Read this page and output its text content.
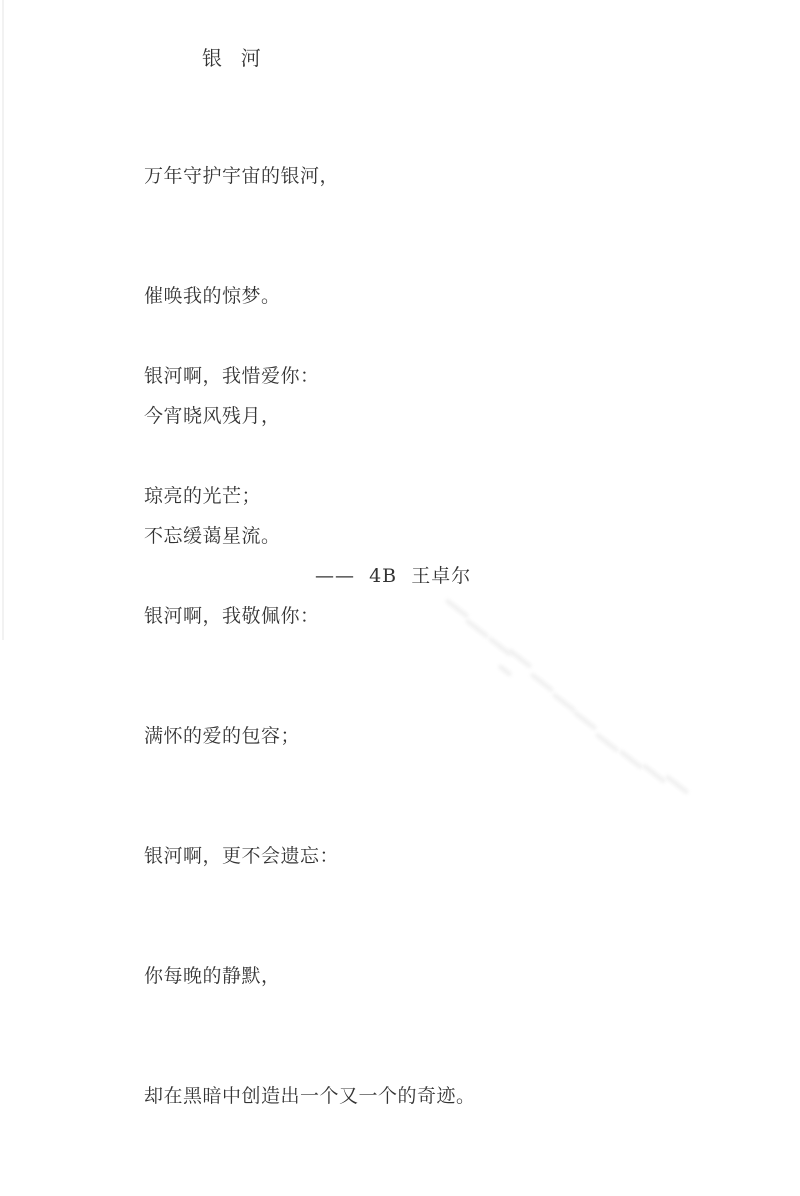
银  河

万年守护宇宙的银河，

催唤我的惊梦。

今宵晓风残月，

不忘缓蔼星流。

银河啊，我惜爱你：

琼亮的光芒；

银河啊，我敬佩你：

满怀的爱的包容；

银河啊，更不会遗忘：

你每晚的静默，

却在黑暗中创造出一个又一个的奇迹。

——  4B  王卓尔
